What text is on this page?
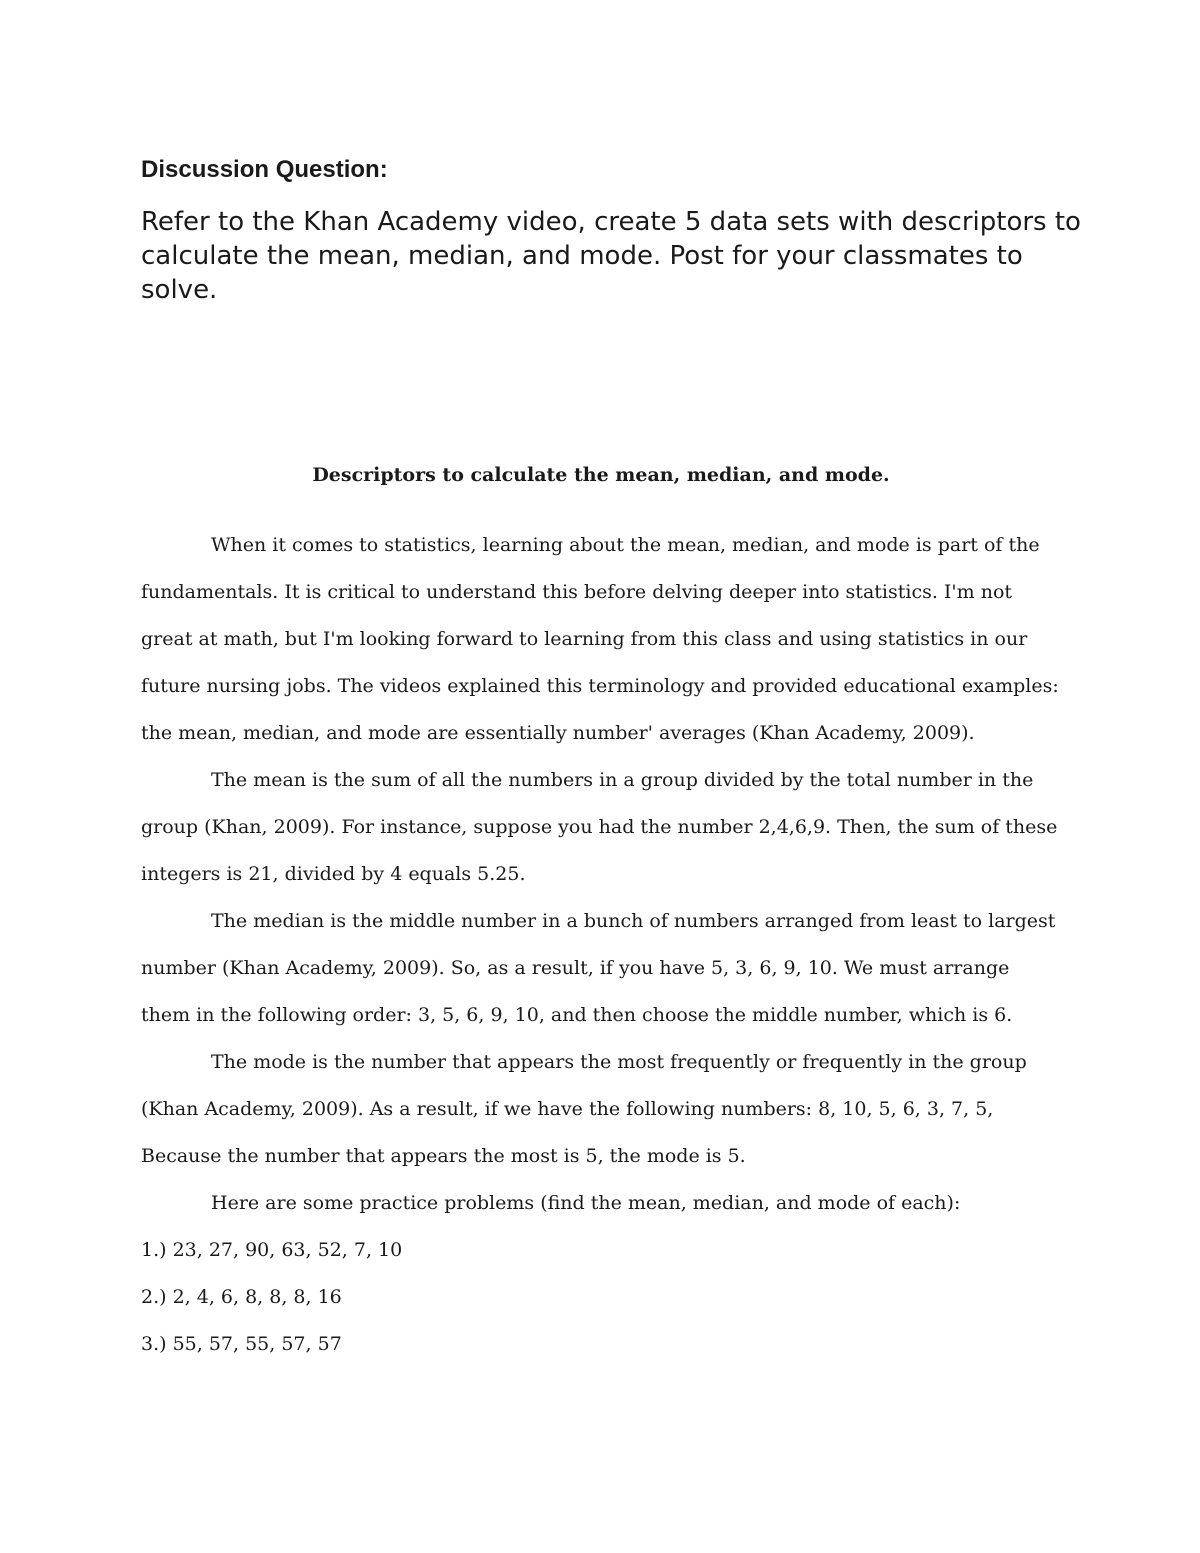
Discussion Question:

Refer to the Khan Academy video, create 5 data sets with descriptors to calculate the mean, median, and mode. Post for your classmates to solve.

Descriptors to calculate the mean, median, and mode.

When it comes to statistics, learning about the mean, median, and mode is part of the fundamentals. It is critical to understand this before delving deeper into statistics. I'm not great at math, but I'm looking forward to learning from this class and using statistics in our future nursing jobs. The videos explained this terminology and provided educational examples: the mean, median, and mode are essentially number' averages (Khan Academy, 2009).

The mean is the sum of all the numbers in a group divided by the total number in the group (Khan, 2009). For instance, suppose you had the number 2,4,6,9. Then, the sum of these integers is 21, divided by 4 equals 5.25.

The median is the middle number in a bunch of numbers arranged from least to largest number (Khan Academy, 2009). So, as a result, if you have 5, 3, 6, 9, 10. We must arrange them in the following order: 3, 5, 6, 9, 10, and then choose the middle number, which is 6.

The mode is the number that appears the most frequently or frequently in the group (Khan Academy, 2009). As a result, if we have the following numbers: 8, 10, 5, 6, 3, 7, 5, Because the number that appears the most is 5, the mode is 5.

Here are some practice problems (find the mean, median, and mode of each):

1.) 23, 27, 90, 63, 52, 7, 10
2.) 2, 4, 6, 8, 8, 8, 16
3.) 55, 57, 55, 57, 57
